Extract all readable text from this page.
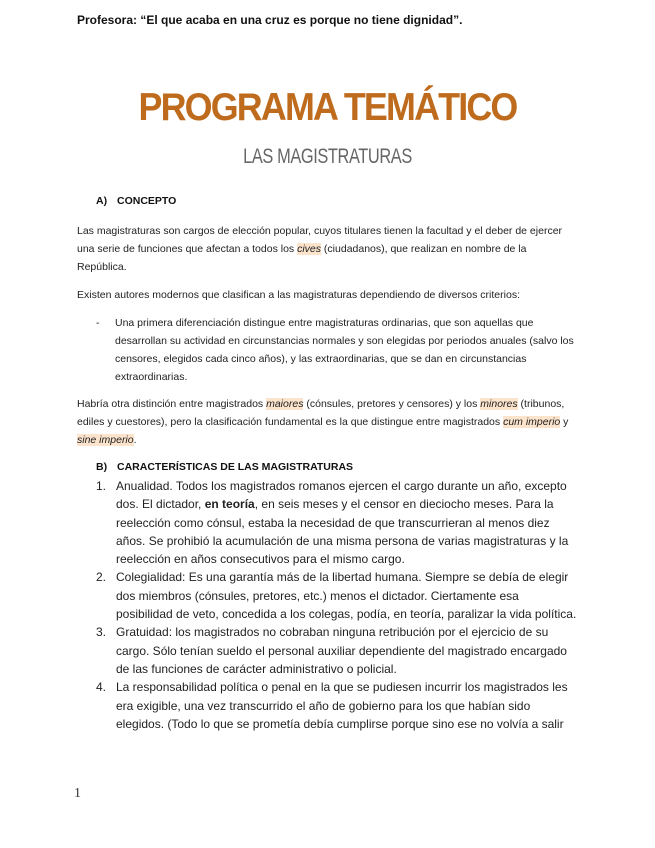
Profesora: “El que acaba en una cruz es porque no tiene dignidad”.
PROGRAMA TEMÁTICO
LAS MAGISTRATURAS
A) CONCEPTO
Las magistraturas son cargos de elección popular, cuyos titulares tienen la facultad y el deber de ejercer una serie de funciones que afectan a todos los cives (ciudadanos), que realizan en nombre de la República.
Existen autores modernos que clasifican a las magistraturas dependiendo de diversos criterios:
- Una primera diferenciación distingue entre magistraturas ordinarias, que son aquellas que desarrollan su actividad en circunstancias normales y son elegidas por periodos anuales (salvo los censores, elegidos cada cinco años), y las extraordinarias, que se dan en circunstancias extraordinarias.
Habría otra distinción entre magistrados maiores (cónsules, pretores y censores) y los minores (tribunos, ediles y cuestores), pero la clasificación fundamental es la que distingue entre magistrados cum imperio y sine imperio.
B) CARACTERÍSTICAS DE LAS MAGISTRATURAS
1. Anualidad. Todos los magistrados romanos ejercen el cargo durante un año, excepto dos. El dictador, en teoría, en seis meses y el censor en dieciocho meses. Para la reelección como cónsul, estaba la necesidad de que transcurrieran al menos diez años. Se prohibió la acumulación de una misma persona de varias magistraturas y la reelección en años consecutivos para el mismo cargo.
2. Colegialidad: Es una garantía más de la libertad humana. Siempre se debía de elegir dos miembros (cónsules, pretores, etc.) menos el dictador. Ciertamente esa posibilidad de veto, concedida a los colegas, podía, en teoría, paralizar la vida política.
3. Gratuidad: los magistrados no cobraban ninguna retribución por el ejercicio de su cargo. Sólo tenían sueldo el personal auxiliar dependiente del magistrado encargado de las funciones de carácter administrativo o policial.
4. La responsabilidad política o penal en la que se pudiesen incurrir los magistrados les era exigible, una vez transcurrido el año de gobierno para los que habían sido elegidos. (Todo lo que se prometía debía cumplirse porque sino ese no volvía a salir
1
